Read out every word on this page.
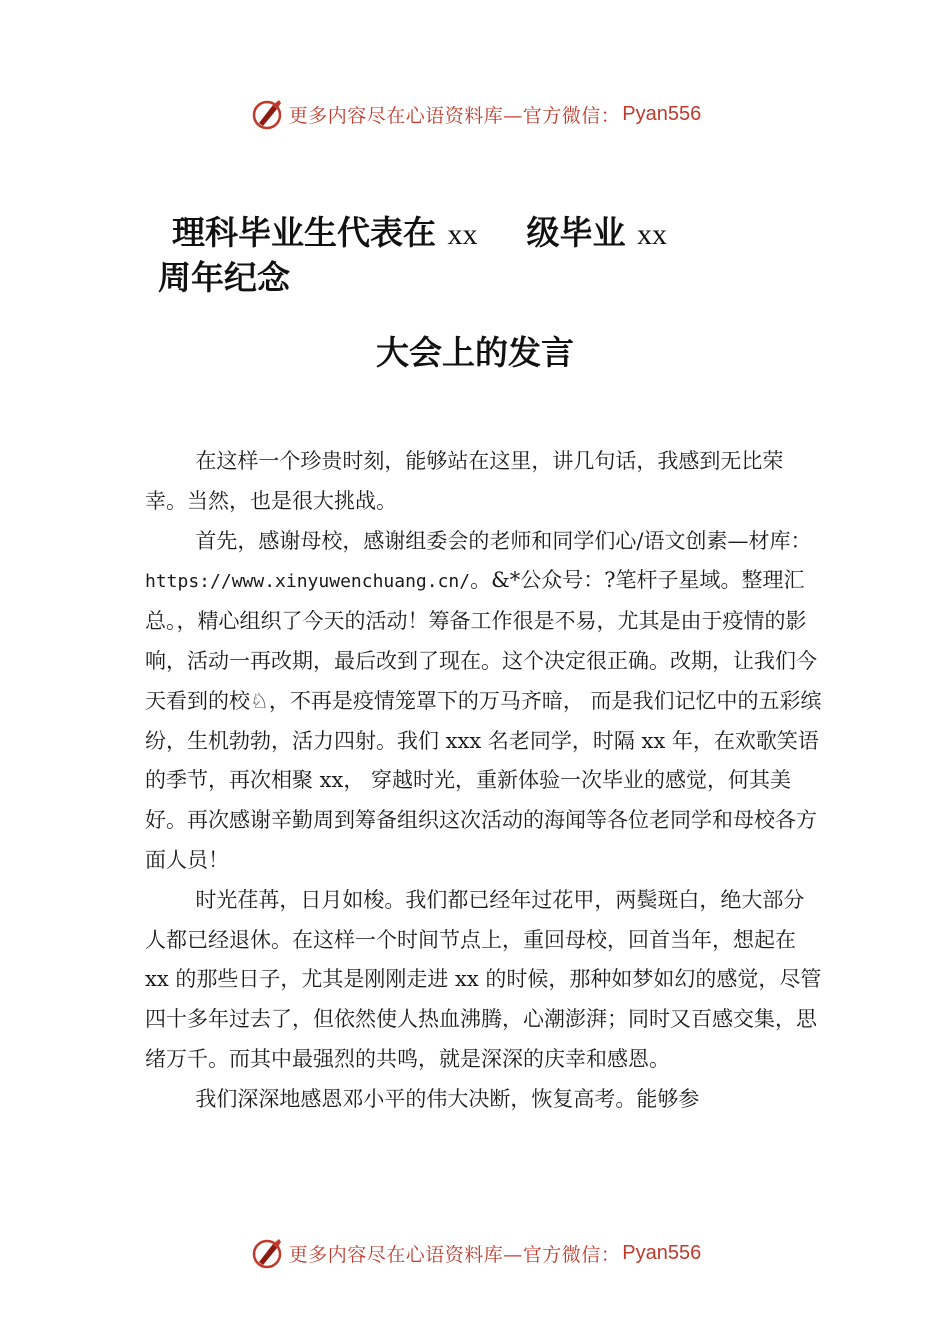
更多内容尽在心语资料库—官方微信： Pyan556
理科毕业生代表在 xx 级毕业 xx
周年纪念
大会上的发言

在这样一个珍贵时刻，能够站在这里，讲几句话，我感到无比荣幸。当然，也是很大挑战。

首先，感谢母校，感谢组委会的老师和同学们心/语文创素—材库：https://www.xinyuwenchuang.cn/。&*公众号：?笔杆子星域。整理汇总。，精心组织了今天的活动！筹备工作很是不易，尤其是由于疫情的影响，活动一再改期，最后改到了现在。这个决定很正确。改期，让我们今天看到的校♘，不再是疫情笼罩下的万马齐暗， 而是我们记忆中的五彩缤纷，生机勃勃，活力四射。我们 xxx 名老同学，时隔 xx 年，在欢歌笑语的季节，再次相聚 xx， 穿越时光，重新体验一次毕业的感觉，何其美好。再次感谢辛勤周到筹备组织这次活动的海闻等各位老同学和母校各方面人员！

时光荏苒，日月如梭。我们都已经年过花甲，两鬓斑白，绝大部分人都已经退休。在这样一个时间节点上，重回母校，回首当年，想起在 xx 的那些日子，尤其是刚刚走进 xx 的时候，那种如梦如幻的感觉，尽管四十多年过去了，但依然使人热血沸腾，心潮澎湃；同时又百感交集，思绪万千。而其中最强烈的共鸣，就是深深的庆幸和感恩。

我们深深地感恩邓小平的伟大决断，恢复高考。能够参

更多内容尽在心语资料库—官方微信： Pyan556
